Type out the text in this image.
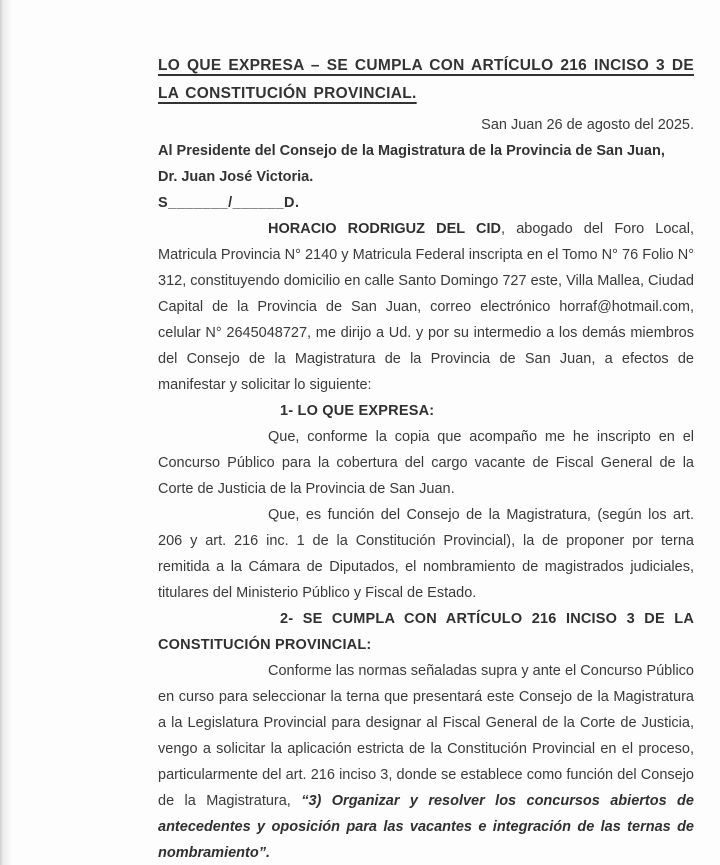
LO QUE EXPRESA – SE CUMPLA CON ARTÍCULO 216 INCISO 3 DE LA CONSTITUCIÓN PROVINCIAL.
San Juan 26 de agosto del 2025.
Al Presidente del Consejo de la Magistratura de la Provincia de San Juan,
Dr. Juan José Victoria.
S_______/______D.

HORACIO RODRIGUZ DEL CID, abogado del Foro Local, Matricula Provincia N° 2140 y Matricula Federal inscripta en el Tomo N° 76 Folio N° 312, constituyendo domicilio en calle Santo Domingo 727 este, Villa Mallea, Ciudad Capital de la Provincia de San Juan, correo electrónico horraf@hotmail.com, celular N° 2645048727, me dirijo a Ud. y por su intermedio a los demás miembros del Consejo de la Magistratura de la Provincia de San Juan, a efectos de manifestar y solicitar lo siguiente:

1- LO QUE EXPRESA:

Que, conforme la copia que acompaño me he inscripto en el Concurso Público para la cobertura del cargo vacante de Fiscal General de la Corte de Justicia de la Provincia de San Juan.

Que, es función del Consejo de la Magistratura, (según los art. 206 y art. 216 inc. 1 de la Constitución Provincial), la de proponer por terna remitida a la Cámara de Diputados, el nombramiento de magistrados judiciales, titulares del Ministerio Público y Fiscal de Estado.

2- SE CUMPLA CON ARTÍCULO 216 INCISO 3 DE LA CONSTITUCIÓN PROVINCIAL:

Conforme las normas señaladas supra y ante el Concurso Público en curso para seleccionar la terna que presentará este Consejo de la Magistratura a la Legislatura Provincial para designar al Fiscal General de la Corte de Justicia, vengo a solicitar la aplicación estricta de la Constitución Provincial en el proceso, particularmente del art. 216 inciso 3, donde se establece como función del Consejo de la Magistratura, “3) Organizar y resolver los concursos abiertos de antecedentes y oposición para las vacantes e integración de las ternas de nombramiento”.
